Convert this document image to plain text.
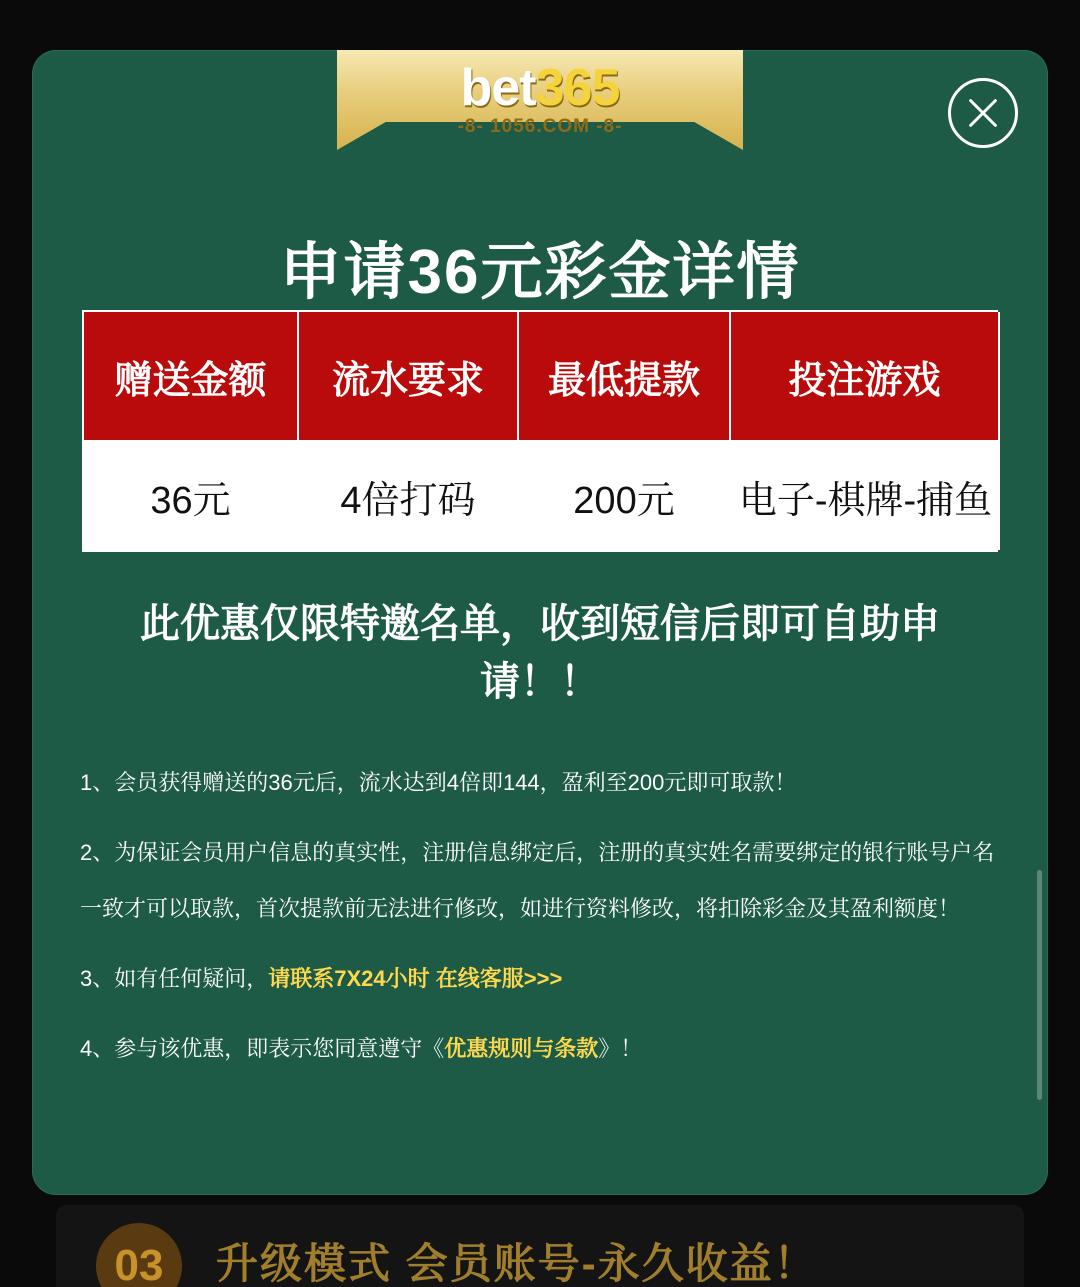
03	升级模式 会员账号-永久收益！
bet365
-8- 1056.COM -8-
申请36元彩金详情
赠送金额	流水要求	最低提款	投注游戏
36元	4倍打码	200元	电子-棋牌-捕鱼
此优惠仅限特邀名单，收到短信后即可自助申请！！

1、会员获得赠送的36元后，流水达到4倍即144，盈利至200元即可取款！

2、为保证会员用户信息的真实性，注册信息绑定后，注册的真实姓名需要绑定的银行账号户名一致才可以取款，首次提款前无法进行修改，如进行资料修改，将扣除彩金及其盈利额度！

3、如有任何疑问，请联系7X24小时 在线客服>>>

4、参与该优惠，即表示您同意遵守《优惠规则与条款》！
